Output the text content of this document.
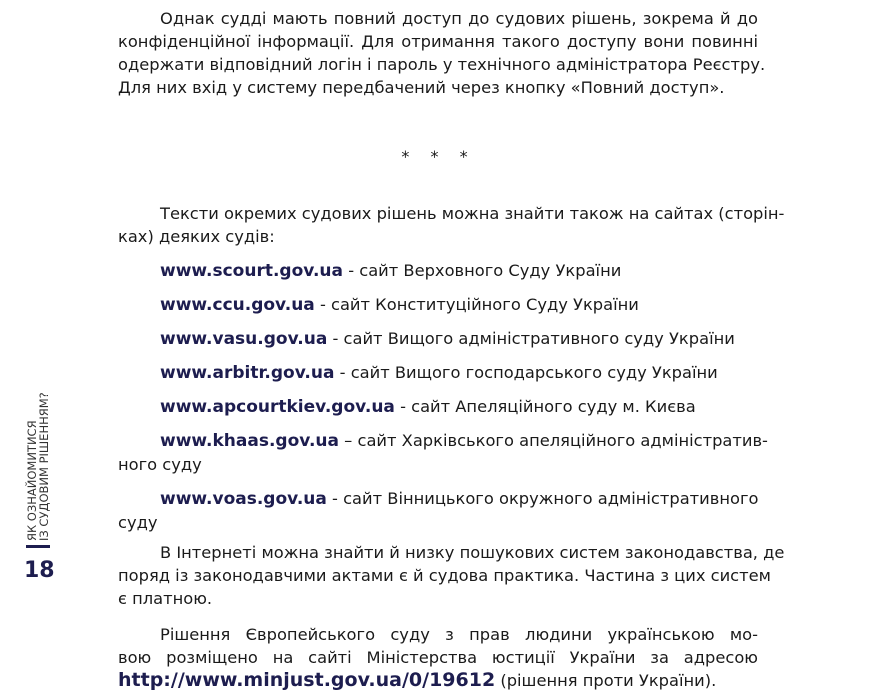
Однак судді мають повний доступ до судових рішень, зокрема й до
конфіденційної інформації. Для отримання такого доступу вони повинні
одержати відповідний логін і пароль у технічного адміністратора Реєстру.
Для них вхід у систему передбачений через кнопку «Повний доступ».
* * *
Тексти окремих судових рішень можна знайти також на сайтах (сторін-
ках) деяких судів:
www.scourt.gov.ua - сайт Верховного Суду України
www.ccu.gov.ua - сайт Конституційного Суду України
www.vasu.gov.ua - сайт Вищого адміністративного суду України
www.arbitr.gov.ua - сайт Вищого господарського суду України
www.apcourtkiev.gov.ua - сайт Апеляційного суду м. Києва
www.khaas.gov.ua – сайт Харківського апеляційного адміністратив-
ного суду
www.voas.gov.ua - сайт Вінницького окружного адміністративного
суду
В Інтернеті можна знайти й низку пошукових систем законодавства, де
поряд із законодавчими актами є й судова практика. Частина з цих систем
є платною.
Рішення Європейського суду з прав людини українською мо-
вою розміщено на сайті Міністерства юстиції України за адресою
http://www.minjust.gov.ua/0/19612 (рішення проти України).
ЯК ОЗНАЙОМИТИСЯ
ІЗ СУДОВИМ РІШЕННЯМ?
18
